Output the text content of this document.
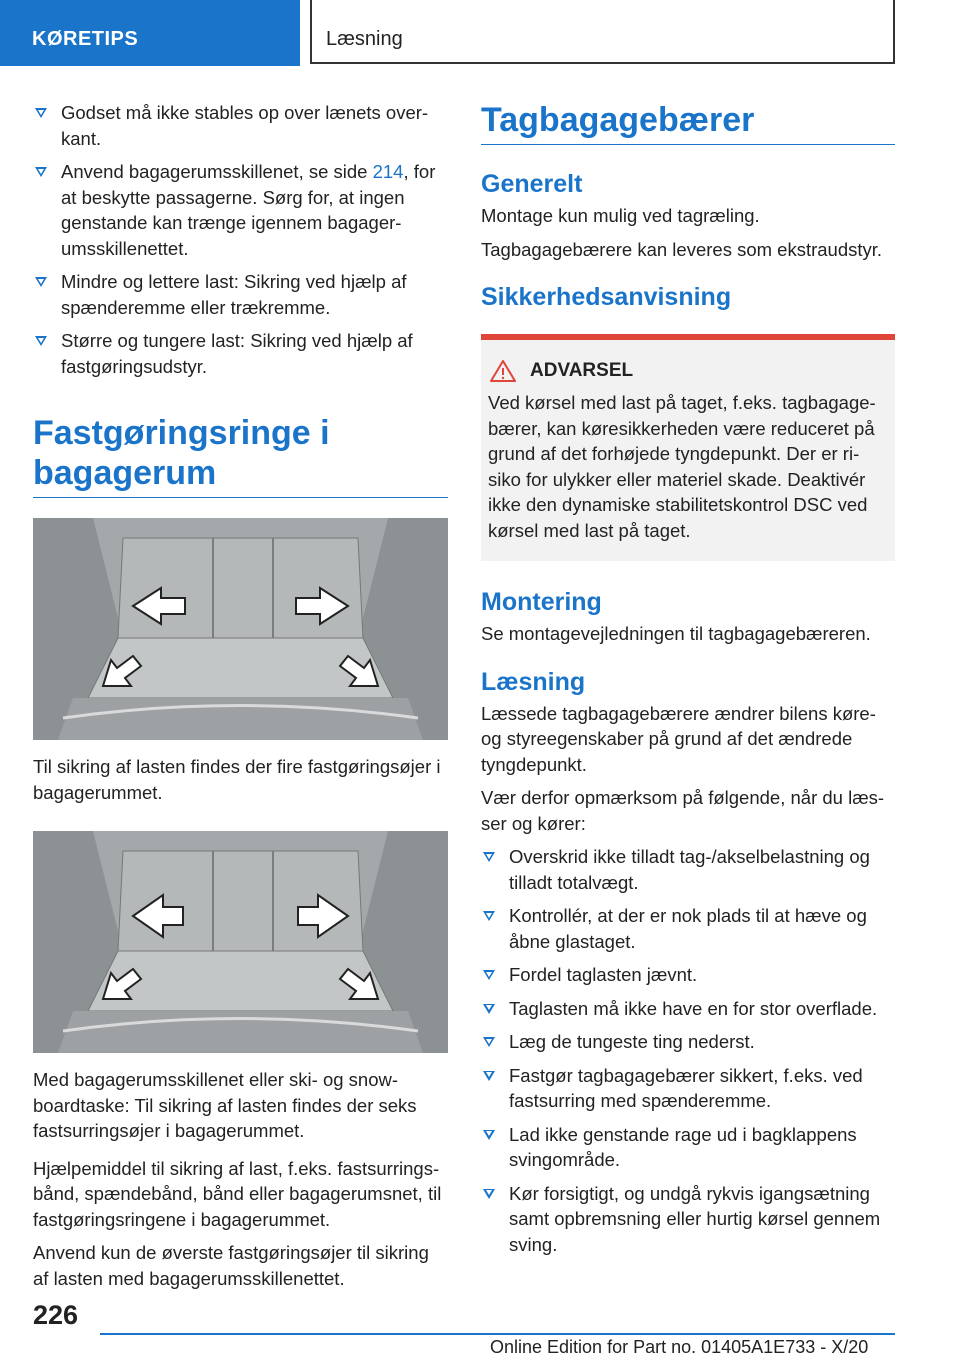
KØRETIPS	Læsning
Godset må ikke stables op over lænets over-kant.
Anvend bagagerumsskillenet, se side 214, for at beskytte passagerne. Sørg for, at ingen genstande kan trænge igennem bagager-umsskillenettet.
Mindre og lettere last: Sikring ved hjælp af spænderemme eller trækremme.
Større og tungere last: Sikring ved hjælp af fastgøringsudstyr.
Fastgøringsringe i
bagagerum

Til sikring af lasten findes der fire fastgøringsøjer i bagagerummet.

Med bagagerumsskillenet eller ski- og snow-boardtaske: Til sikring af lasten findes der seks fastsurringsøjer i bagagerummet.

Hjælpemiddel til sikring af last, f.eks. fastsurrings-bånd, spændebånd, bånd eller bagagerumsnet, til fastgøringsringene i bagagerummet.

Anvend kun de øverste fastgøringsøjer til sikring af lasten med bagagerumsskillenettet.

Tagbagagebærer
Generelt

Montage kun mulig ved tagræling.

Tagbagagebærere kan leveres som ekstraudstyr.

Sikkerhedsanvisning
ADVARSEL

Ved kørsel med last på taget, f.eks. tagbagage-bærer, kan køresikkerheden være reduceret på grund af det forhøjede tyngdepunkt. Der er ri-siko for ulykker eller materiel skade. Deaktivér ikke den dynamiske stabilitetskontrol DSC ved kørsel med last på taget.

Montering

Se montagevejledningen til tagbagagebæreren.

Læsning

Læssede tagbagagebærere ændrer bilens køre-og styreegenskaber på grund af det ændrede tyngdepunkt.

Vær derfor opmærksom på følgende, når du læs-ser og kører:

Overskrid ikke tilladt tag-/akselbelastning og tilladt totalvægt.
Kontrollér, at der er nok plads til at hæve og åbne glastaget.
Fordel taglasten jævnt.
Taglasten må ikke have en for stor overflade.
Læg de tungeste ting nederst.
Fastgør tagbagagebærer sikkert, f.eks. ved fastsurring med spænderemme.
Lad ikke genstande rage ud i bagklappens svingområde.
Kør forsigtigt, og undgå rykvis igangsætning samt opbremsning eller hurtig kørsel gennem sving.
226
Online Edition for Part no. 01405A1E733 - X/20
